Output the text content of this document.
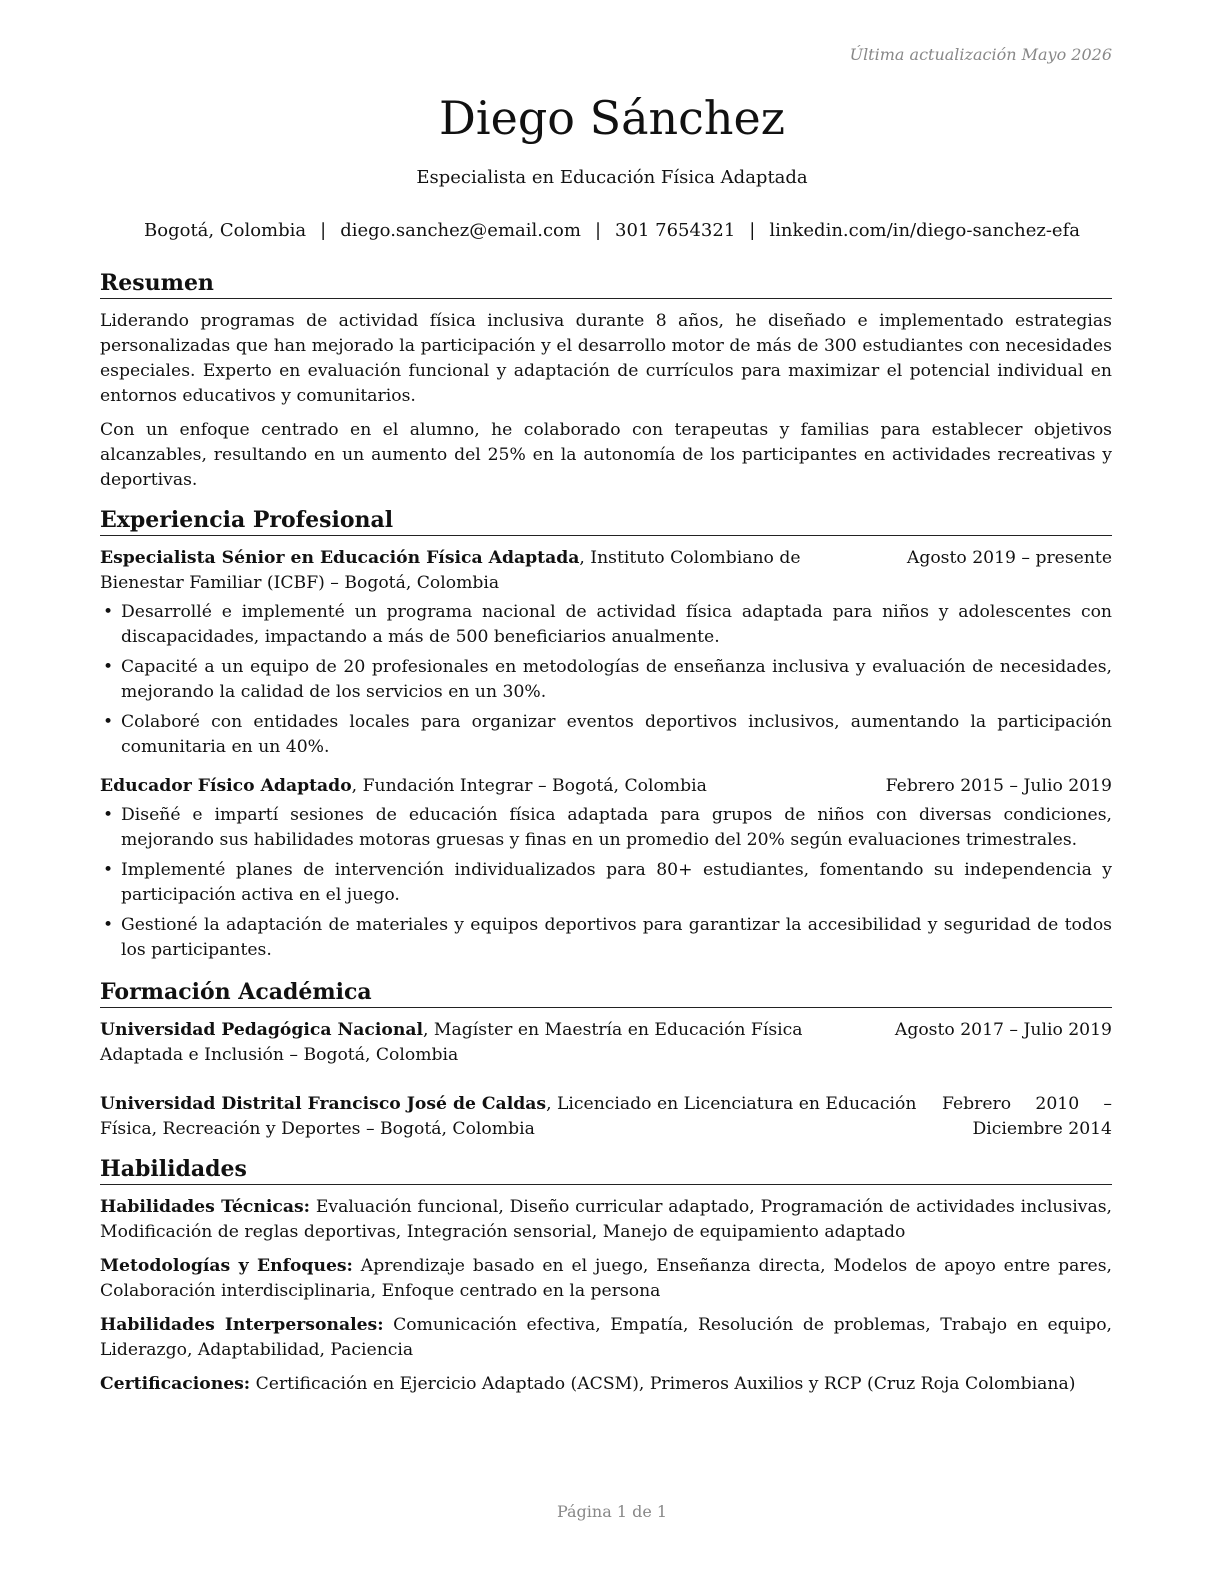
Última actualización Mayo 2026
Diego Sánchez
Especialista en Educación Física Adaptada
Bogotá, Colombia | diego.sanchez@email.com | 301 7654321 | linkedin.com/in/diego-sanchez-efa
Resumen

Liderando programas de actividad física inclusiva durante 8 años, he diseñado e implementado estrategias personalizadas que han mejorado la participación y el desarrollo motor de más de 300 estudiantes con necesidades especiales. Experto en evaluación funcional y adaptación de currículos para maximizar el potencial individual en entornos educativos y comunitarios.

Con un enfoque centrado en el alumno, he colaborado con terapeutas y familias para establecer objetivos alcanzables, resultando en un aumento del 25% en la autonomía de los participantes en actividades recreativas y deportivas.

Experiencia Profesional
Especialista Sénior en Educación Física Adaptada, Instituto Colombiano de Bienestar Familiar (ICBF) – Bogotá, Colombia
Agosto 2019 – presente
• Desarrollé e implementé un programa nacional de actividad física adaptada para niños y adolescentes con discapacidades, impactando a más de 500 beneficiarios anualmente.
• Capacité a un equipo de 20 profesionales en metodologías de enseñanza inclusiva y evaluación de necesidades, mejorando la calidad de los servicios en un 30%.
• Colaboré con entidades locales para organizar eventos deportivos inclusivos, aumentando la participación comunitaria en un 40%.
Educador Físico Adaptado, Fundación Integrar – Bogotá, Colombia	Febrero 2015 – Julio 2019
• Diseñé e impartí sesiones de educación física adaptada para grupos de niños con diversas condiciones, mejorando sus habilidades motoras gruesas y finas en un promedio del 20% según evaluaciones trimestrales.
• Implementé planes de intervención individualizados para 80+ estudiantes, fomentando su independencia y participación activa en el juego.
• Gestioné la adaptación de materiales y equipos deportivos para garantizar la accesibilidad y seguridad de todos los participantes.
Formación Académica
Universidad Pedagógica Nacional, Magíster en Maestría en Educación Física Adaptada e Inclusión – Bogotá, Colombia
Agosto 2017 – Julio 2019
Universidad Distrital Francisco José de Caldas, Licenciado en Licenciatura en Educación Física, Recreación y Deportes – Bogotá, Colombia
Febrero 2010 – Diciembre 2014
Habilidades

Habilidades Técnicas: Evaluación funcional, Diseño curricular adaptado, Programación de actividades inclusivas, Modificación de reglas deportivas, Integración sensorial, Manejo de equipamiento adaptado

Metodologías y Enfoques: Aprendizaje basado en el juego, Enseñanza directa, Modelos de apoyo entre pares, Colaboración interdisciplinaria, Enfoque centrado en la persona

Habilidades Interpersonales: Comunicación efectiva, Empatía, Resolución de problemas, Trabajo en equipo, Liderazgo, Adaptabilidad, Paciencia

Certificaciones: Certificación en Ejercicio Adaptado (ACSM), Primeros Auxilios y RCP (Cruz Roja Colombiana)

Página 1 de 1
